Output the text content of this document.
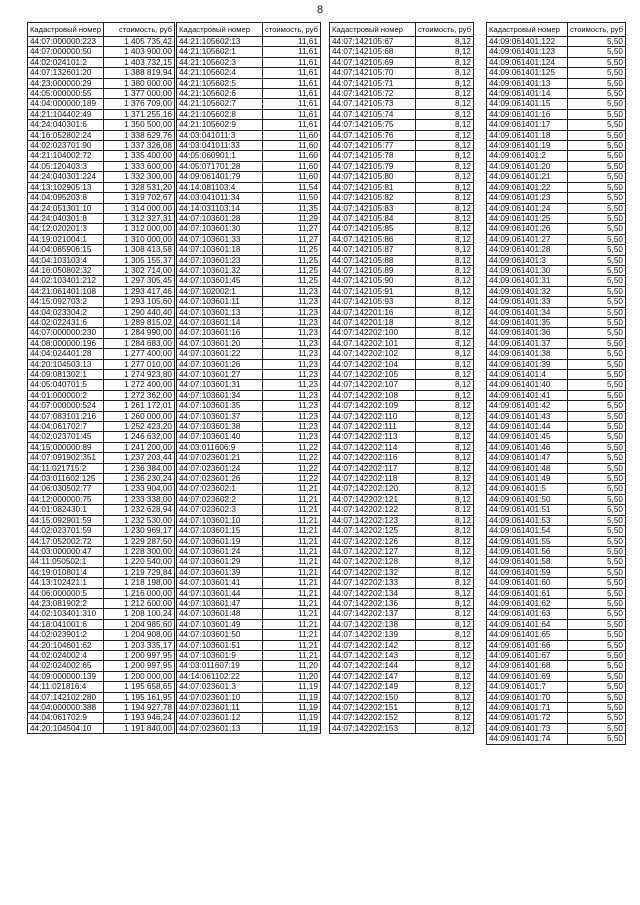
8
Кадастровый номер	стоимость, руб
44:07:000000:223	1 405 735,42
44:07:000000:50	1 403 900,00
44:02:024101:2	1 403 732,15
44:07:132601:20	1 388 819,94
44:23:000000:29	1 380 000,00
44:05:000000:55	1 377 000,00
44:04:000000:189	1 376 709,00
44:21:104402:49	1 371 255,16
44:24:040301:6	1 350 500,00
44:16:052802:24	1 338 629,76
44:02:023701:90	1 337 326,08
44:21:104002:72	1 335 400,00
44:05:120403:3	1 333 600,00
44:24:040301:224	1 332 300,00
44:13:102905:13	1 328 531,20
44:04:095203:8	1 319 702,67
44:24:051301:10	1 314 000,00
44:24:040301:8	1 312 327,31
44:12:020201:3	1 312 000,00
44:19:021004:1	1 310 000,00
44:04:085906:15	1 308 413,58
44:04:103103:4	1 305 155,37
44:16:050802:32	1 302 714,00
44:02:103401:212	1 297 305,45
44:21:061401:108	1 293 417,46
44:15:092703:2	1 293 105,60
44:04:023304:2	1 290 440,40
44:02:022431:6	1 289 815,02
44:07:000000:230	1 284 990,00
44:08:000000:196	1 284 683,00
44:04:024401:28	1 277 400,00
44:20:104503:13	1 277 010,00
44:09:081302:1	1 274 923,80
44:05:040701:5	1 272 400,00
44:01:000000:2	1 272 362,00
44:07:000000:524	1 261 172,01
44:07:083101:216	1 260 000,00
44:04:061702:7	1 252 423,20
44:02:023701:45	1 246 632,00
44:15:000000:89	1 241 200,00
44:07:091902:351	1 237 203,44
44:11:021715:2	1 236 384,00
44:03:011602:125	1 236 230,24
44:06:030502:77	1 233 904,00
44:12:000000:75	1 233 338,00
44:01:082430:1	1 232 628,94
44:15:092901:59	1 232 530,00
44:02:023701:59	1 230 969,17
44:17:052002:72	1 229 287,50
44:03:000000:47	1 228 300,00
44:11:050502:1	1 220 540,00
44:19:010801:4	1 219 729,84
44:13:102421:1	1 218 198,00
44:06:000000:5	1 216 000,00
44:23:081902:2	1 212 600,00
44:02:103401:310	1 208 100,24
44:18:041001:6	1 204 985,60
44:02:023901:2	1 204 908,00
44:20:104601:62	1 203 335,17
44:02:024002:4	1 200 997,95
44:02:024002:65	1 200 997,95
44:09:000000:139	1 200 000,00
44:11:021816:4	1 195 658,65
44:07:142102:280	1 195 161,95
44:04:000000:388	1 194 927,78
44:04:061702:9	1 193 946,24
44:20:104504:10	1 191 840,00
Кадастровый номер	стоимость, руб
44:21:105602:13	11,61
44:21:105602:1	11,61
44:21:105602:3	11,61
44:21:105602:4	11,61
44:21:105602:5	11,61
44:21:105602:6	11,61
44:21:105602:7	11,61
44:21:105602:8	11,61
44:21:105602:9	11,61
44:03:041011:3	11,60
44:03:041011:33	11,60
44:05:060901:1	11,60
44:05:071701:28	11,60
44:09:061401:79	11,60
44:14:081103:4	11,54
44:03:041011:34	11,50
44:14:031103:14	11,35
44:07:103601:28	11,29
44:07:103601:30	11,27
44:07:103601:33	11,27
44:07:103601:18	11,25
44:07:103601:23	11,25
44:07:103601:32	11,25
44:07:103601:45	11,25
44:07:102002:1	11,23
44:07:103601:11	11,23
44:07:103601:13	11,23
44:07:103601:14	11,23
44:07:103601:16	11,23
44:07:103601:20	11,23
44:07:103601:22	11,23
44:07:103601:26	11,23
44:07:103601:27	11,23
44:07:103601:31	11,23
44:07:103601:34	11,23
44:07:103601:35	11,23
44:07:103601:37	11,23
44:07:103601:38	11,23
44:07:103601:40	11,23
44:03:011606:9	11,22
44:07:023601:21	11,22
44:07:023601:24	11,22
44:07:023601:26	11,22
44:07:023602:1	11,21
44:07:023602:2	11,21
44:07:023602:3	11,21
44:07:103601:10	11,21
44:07:103601:15	11,21
44:07:103601:19	11,21
44:07:103601:24	11,21
44:07:103601:29	11,21
44:07:103601:39	11,21
44:07:103601:41	11,21
44:07:103601:44	11,21
44:07:103601:47	11,21
44:07:103601:48	11,21
44:07:103601:49	11,21
44:07:103601:50	11,21
44:07:103601:51	11,21
44:07:103601:9	11,21
44:03:011607:19	11,20
44:14:061102:22	11,20
44:07:023601:3	11,19
44:07:023601:10	11,19
44:07:023601:11	11,19
44:07:023601:12	11,19
44:07:023601:13	11,19
Кадастровый номер	стоимость, руб
44:07:142105:67	8,12
44:07:142105:68	8,12
44:07:142105:69	8,12
44:07:142105:70	8,12
44:07:142105:71	8,12
44:07:142105:72	8,12
44:07:142105:73	8,12
44:07:142105:74	8,12
44:07:142105:75	8,12
44:07:142105:76	8,12
44:07:142105:77	8,12
44:07:142105:78	8,12
44:07:142105:79	8,12
44:07:142105:80	8,12
44:07:142105:81	8,12
44:07:142105:82	8,12
44:07:142105:83	8,12
44:07:142105:84	8,12
44:07:142105:85	8,12
44:07:142105:86	8,12
44:07:142105:87	8,12
44:07:142105:88	8,12
44:07:142105:89	8,12
44:07:142105:90	8,12
44:07:142105:91	8,12
44:07:142105:93	8,12
44:07:142201:16	8,12
44:07:142201:18	8,12
44:07:142202:100	8,12
44:07:142202:101	8,12
44:07:142202:102	8,12
44:07:142202:104	8,12
44:07:142202:105	8,12
44:07:142202:107	8,12
44:07:142202:108	8,12
44:07:142202:109	8,12
44:07:142202:110	8,12
44:07:142202:111	8,12
44:07:142202:113	8,12
44:07:142202:114	8,12
44:07:142202:116	8,12
44:07:142202:117	8,12
44:07:142202:118	8,12
44:07:142202:120	8,12
44:07:142202:121	8,12
44:07:142202:122	8,12
44:07:142202:123	8,12
44:07:142202:125	8,12
44:07:142202:126	8,12
44:07:142202:127	8,12
44:07:142202:128	8,12
44:07:142202:132	8,12
44:07:142202:133	8,12
44:07:142202:134	8,12
44:07:142202:136	8,12
44:07:142202:137	8,12
44:07:142202:138	8,12
44:07:142202:139	8,12
44:07:142202:142	8,12
44:07:142202:143	8,12
44:07:142202:144	8,12
44:07:142202:147	8,12
44:07:142202:149	8,12
44:07:142202:150	8,12
44:07:142202:151	8,12
44:07:142202:152	8,12
44:07:142202:153	8,12
Кадастровый номер	стоимость, руб
44:09:061401:122	5,50
44:09:061401:123	5,50
44:09:061401:124	5,50
44:09:061401:125	5,50
44:09:061401:13	5,50
44:09:061401:14	5,50
44:09:061401:15	5,50
44:09:061401:16	5,50
44:09:061401:17	5,50
44:09:061401:18	5,50
44:09:061401:19	5,50
44:09:061401:2	5,50
44:09:061401:20	5,50
44:09:061401:21	5,50
44:09:061401:22	5,50
44:09:061401:23	5,50
44:09:061401:24	5,50
44:09:061401:25	5,50
44:09:061401:26	5,50
44:09:061401:27	5,50
44:09:061401:28	5,50
44:09:061401:3	5,50
44:09:061401:30	5,50
44:09:061401:31	5,50
44:09:061401:32	5,50
44:09:061401:33	5,50
44:09:061401:34	5,50
44:09:061401:35	5,50
44:09:061401:36	5,50
44:09:061401:37	5,50
44:09:061401:38	5,50
44:09:061401:39	5,50
44:09:061401:4	5,50
44:09:061401:40	5,50
44:09:061401:41	5,50
44:09:061401:42	5,50
44:09:061401:43	5,50
44:09:061401:44	5,50
44:09:061401:45	5,50
44:09:061401:46	5,50
44:09:061401:47	5,50
44:09:061401:48	5,50
44:09:061401:49	5,50
44:09:061401:5	5,50
44:09:061401:50	5,50
44:09:061401:51	5,50
44:09:061401:53	5,50
44:09:061401:54	5,50
44:09:061401:55	5,50
44:09:061401:56	5,50
44:09:061401:58	5,50
44:09:061401:59	5,50
44:09:061401:60	5,50
44:09:061401:61	5,50
44:09:061401:62	5,50
44:09:061401:63	5,50
44:09:061401:64	5,50
44:09:061401:65	5,50
44:09:061401:66	5,50
44:09:061401:67	5,50
44:09:061401:68	5,50
44:09:061401:69	5,50
44:09:061401:7	5,50
44:09:061401:70	5,50
44:09:061401:71	5,50
44:09:061401:72	5,50
44:09:061401:73	5,50
44:09:061401:74	5,50
